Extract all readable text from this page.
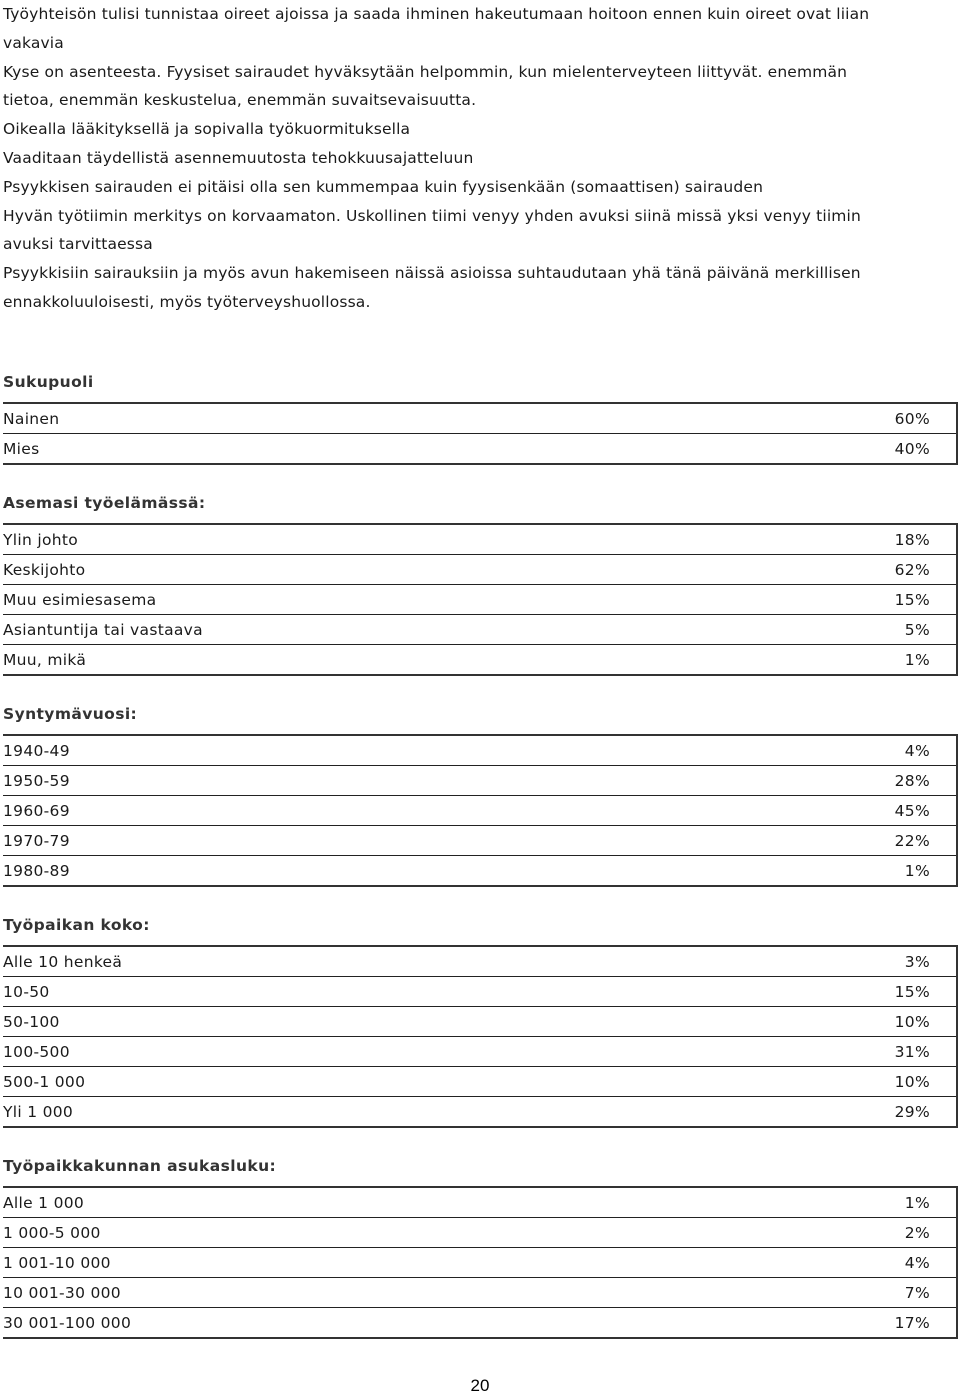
Työyhteisön tulisi tunnistaa oireet ajoissa ja saada ihminen hakeutumaan hoitoon ennen kuin oireet ovat liian

vakavia

Kyse on asenteesta. Fyysiset sairaudet hyväksytään helpommin, kun mielenterveyteen liittyvät. enemmän

tietoa, enemmän keskustelua, enemmän suvaitsevaisuutta.

Oikealla lääkityksellä ja sopivalla työkuormituksella

Vaaditaan täydellistä asennemuutosta tehokkuusajatteluun

Psyykkisen sairauden ei pitäisi olla sen kummempaa kuin fyysisenkään (somaattisen) sairauden

Hyvän työtiimin merkitys on korvaamaton. Uskollinen tiimi venyy yhden avuksi siinä missä yksi venyy tiimin

avuksi tarvittaessa

Psyykkisiin sairauksiin ja myös avun hakemiseen näissä asioissa suhtaudutaan yhä tänä päivänä merkillisen

ennakkoluuloisesti, myös työterveyshuollossa.

Sukupuoli
Nainen	60%
Mies	40%
Asemasi työelämässä:
Ylin johto	18%
Keskijohto	62%
Muu esimiesasema	15%
Asiantuntija tai vastaava	5%
Muu, mikä	1%
Syntymävuosi:
1940-49	4%
1950-59	28%
1960-69	45%
1970-79	22%
1980-89	1%
Työpaikan koko:
Alle 10 henkeä	3%
10-50	15%
50-100	10%
100-500	31%
500-1 000	10%
Yli 1 000	29%
Työpaikkakunnan asukasluku:
Alle 1 000	1%
1 000-5 000	2%
1 001-10 000	4%
10 001-30 000	7%
30 001-100 000	17%
20
